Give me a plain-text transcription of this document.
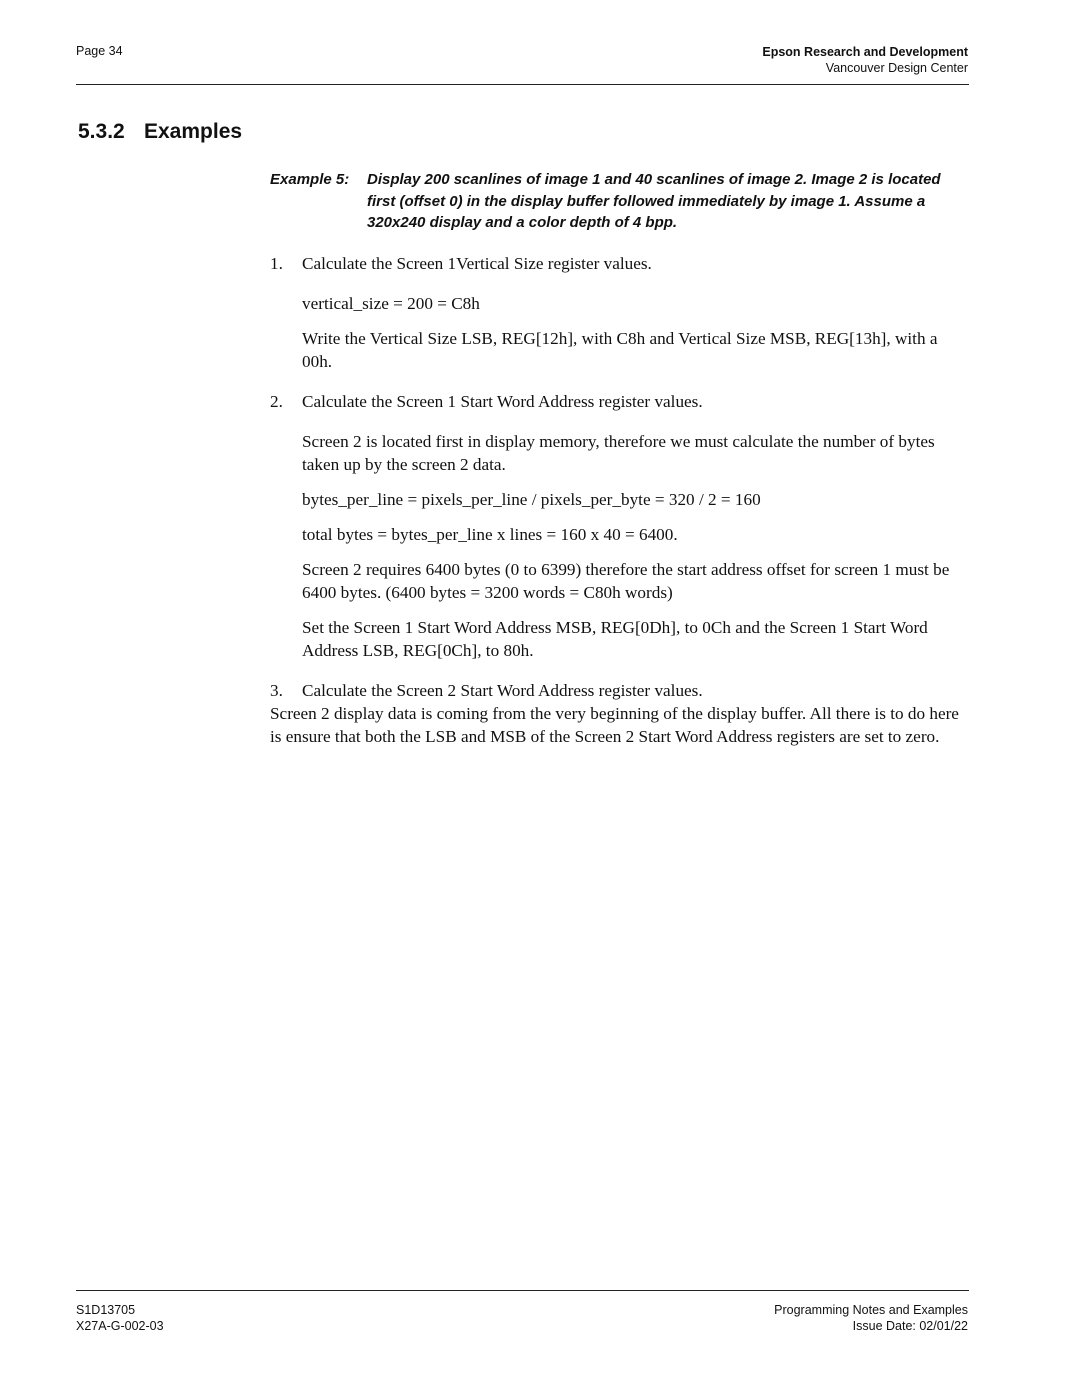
Page 34	Epson Research and Development
Vancouver Design Center
5.3.2 Examples
Example 5: Display 200 scanlines of image 1 and 40 scanlines of image 2. Image 2 is located first (offset 0) in the display buffer followed immediately by image 1. Assume a 320x240 display and a color depth of 4 bpp.

1. Calculate the Screen 1Vertical Size register values.

vertical_size = 200 = C8h

Write the Vertical Size LSB, REG[12h], with C8h and Vertical Size MSB, REG[13h], with a 00h.

2. Calculate the Screen 1 Start Word Address register values.

Screen 2 is located first in display memory, therefore we must calculate the number of bytes taken up by the screen 2 data.

bytes_per_line = pixels_per_line / pixels_per_byte = 320 / 2 = 160

total bytes = bytes_per_line x lines = 160 x 40 = 6400.

Screen 2 requires 6400 bytes (0 to 6399) therefore the start address offset for screen 1 must be 6400 bytes. (6400 bytes = 3200 words = C80h words)

Set the Screen 1 Start Word Address MSB, REG[0Dh], to 0Ch and the Screen 1 Start Word Address LSB, REG[0Ch], to 80h.

3. Calculate the Screen 2 Start Word Address register values.

Screen 2 display data is coming from the very beginning of the display buffer. All there is to do here is ensure that both the LSB and MSB of the Screen 2 Start Word Address registers are set to zero.

S1D13705
X27A-G-002-03
Programming Notes and Examples
Issue Date: 02/01/22
